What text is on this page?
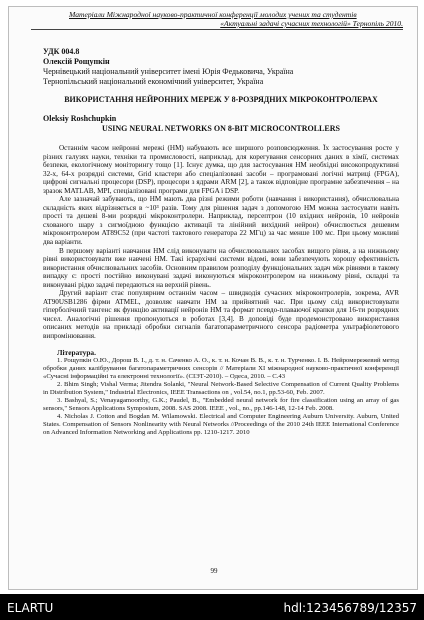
Матеріали Міжнародної науково-практичної конференції молодих учених та студентів
«Актуальні задачі сучасних технологій» Тернопіль 2010.
УДК 004.8
Олексій Рощупкін
Чернівецький національний університет імені Юрія Федьковича, Україна
Тернопільський національний економічний університет, Україна
ВИКОРИСТАННЯ НЕЙРОННИХ МЕРЕЖ У 8-РОЗРЯДНИХ МІКРОКОНТРОЛЕРАХ
Oleksiy Roshchupkin
USING NEURAL NETWORKS ON 8-BIT MICROCONTROLLERS

Останнім часом нейронні мережі (НМ) набувають все ширшого розповсюдження. Їх застосування росте у різних галузях науки, техніки та промисловості, наприклад, для корегування сенсорних даних в хімії, системах безпеки, екологічному моніторингу тощо [1]. Існує думка, що для застосування НМ необхідні високопродуктивні 32-х, 64-х розрядні системи, Grid кластери або спеціалізовані засоби – програмовані логічні матриці (FPGA), цифрові сигнальні процесори (DSP), процесори з ядрами ARM [2], а також відповідне програмне забезпечення – на зразок MATLAB, MPI, спеціалізовані програми для FPGA і DSP.

Але зазначай забувають, що НМ мають два різні режими роботи (навчання і використання), обчислювальна складність яких відрізняється в ~10³ разів. Тому для рішення задач з допомогою НМ можна застосувати навіть прості та дешеві 8-ми розрядні мікроконтролери. Наприклад, персептрон (10 вхідних нейронів, 10 нейронів схованого шару з сигмоїдною функцією активації та лінійний вихідний нейрон) обчислюється дешевим мікроконтролером AT89C52 (при частоті тактового генератора 22 МГц) за час менше 100 мс. При цьому можливі два варіанти.

В першому варіанті навчання НМ слід виконувати на обчислювальних засобах вищого рівня, а на нижньому рівні використовувати вже навчені НМ. Такі ієрархічні системи відомі, вони забезпечують хорошу ефективність використання обчислювальних засобів. Основним правилом розподілу функціональних задач між рівнями в такому випадку є: прості постійно виконувані задачі виконуються мікроконтролером на нижньому рівні, складні та виконувані рідко задачі передаються на верхній рівень.

Другий варіант стає популярним останнім часом – швидкодія сучасних мікроконтролерів, зокрема, AVR AT90USB1286 фірми ATMEL, дозволяє навчати НМ за прийнятний час. При цьому слід використовувати гіперболічний тангенс як функцію активації нейронів НМ та формат псевдо-плаваючої крапки для 16-ти розрядних чисел. Аналогічні рішення пропонуються в роботах [3,4]. В доповіді буде продемонстровано використання описаних методів на прикладі обробки сигналів багатопараметричного сенсора радіометра ультрафіолетового випромінювання.

Література.

1. Рощупкін О.Ю., Дорош В. І., д. т. н. Саченко А. О., к. т. н. Кочан В. В., к. т. н. Турченко. І. В. Нейромережевий метод обробки даних калібрування багатопараметричних сенсорів // Матеріали XI міжнародної науково-практичної конференції «Сучасні інформаційні та електронні технології». (СІЭТ-2010). – Одеса, 2010. – С.43

2. Bhim Singh; Vishal Verma; Jitendra Solanki, "Neural Network-Based Selective Compensation of Current Quality Problems in Distribution System," Industrial Electronics, IEEE Transactions on , vol.54, no.1, pp.53-60, Feb. 2007.

3. Bashyal, S.; Venayagamoorthy, G.K.; Paudel, B., "Embedded neural network for fire classification using an array of gas sensors," Sensors Applications Symposium, 2008. SAS 2008. IEEE , vol., no., pp.146-148, 12-14 Feb. 2008.

4. Nicholas J. Cotton and Bogdan M. Wilamowski. Electrical and Computer Engineering Auburn University. Auburn, United States. Compensation of Sensors Nonlinearity with Neural Networks //Proceedings of the 2010 24th IEEE International Conference on Advanced Information Networking and Applications pp. 1210-1217. 2010

99
ELARTU	hdl:123456789/12357
